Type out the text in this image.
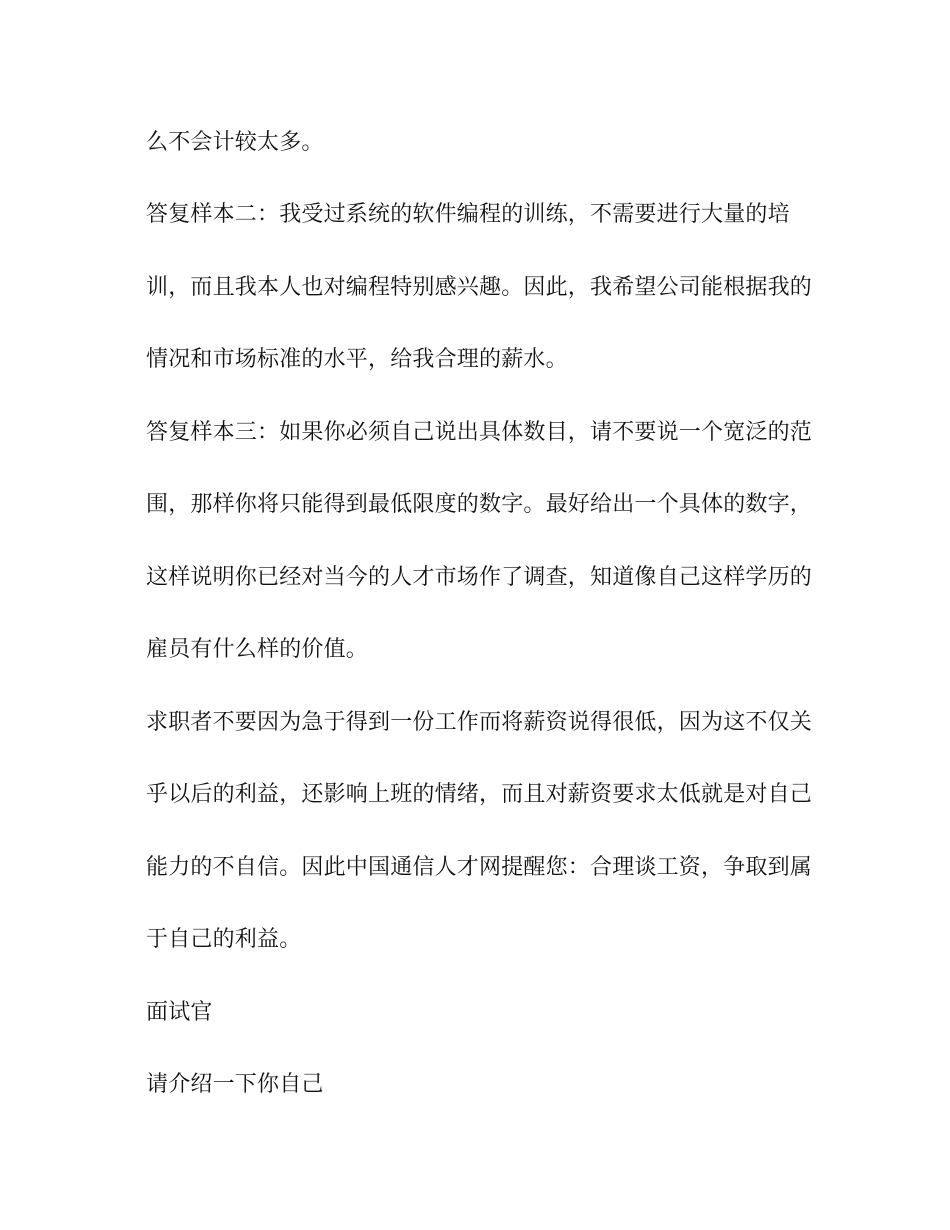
么不会计较太多。
答复样本二：我受过系统的软件编程的训练，不需要进行大量的培
训，而且我本人也对编程特别感兴趣。因此，我希望公司能根据我的
情况和市场标准的水平，给我合理的薪水。
答复样本三：如果你必须自己说出具体数目，请不要说一个宽泛的范
围，那样你将只能得到最低限度的数字。最好给出一个具体的数字，
这样说明你已经对当今的人才市场作了调查，知道像自己这样学历的
雇员有什么样的价值。
求职者不要因为急于得到一份工作而将薪资说得很低，因为这不仅关
乎以后的利益，还影响上班的情绪，而且对薪资要求太低就是对自己
能力的不自信。因此中国通信人才网提醒您：合理谈工资，争取到属
于自己的利益。
面试官
请介绍一下你自己
